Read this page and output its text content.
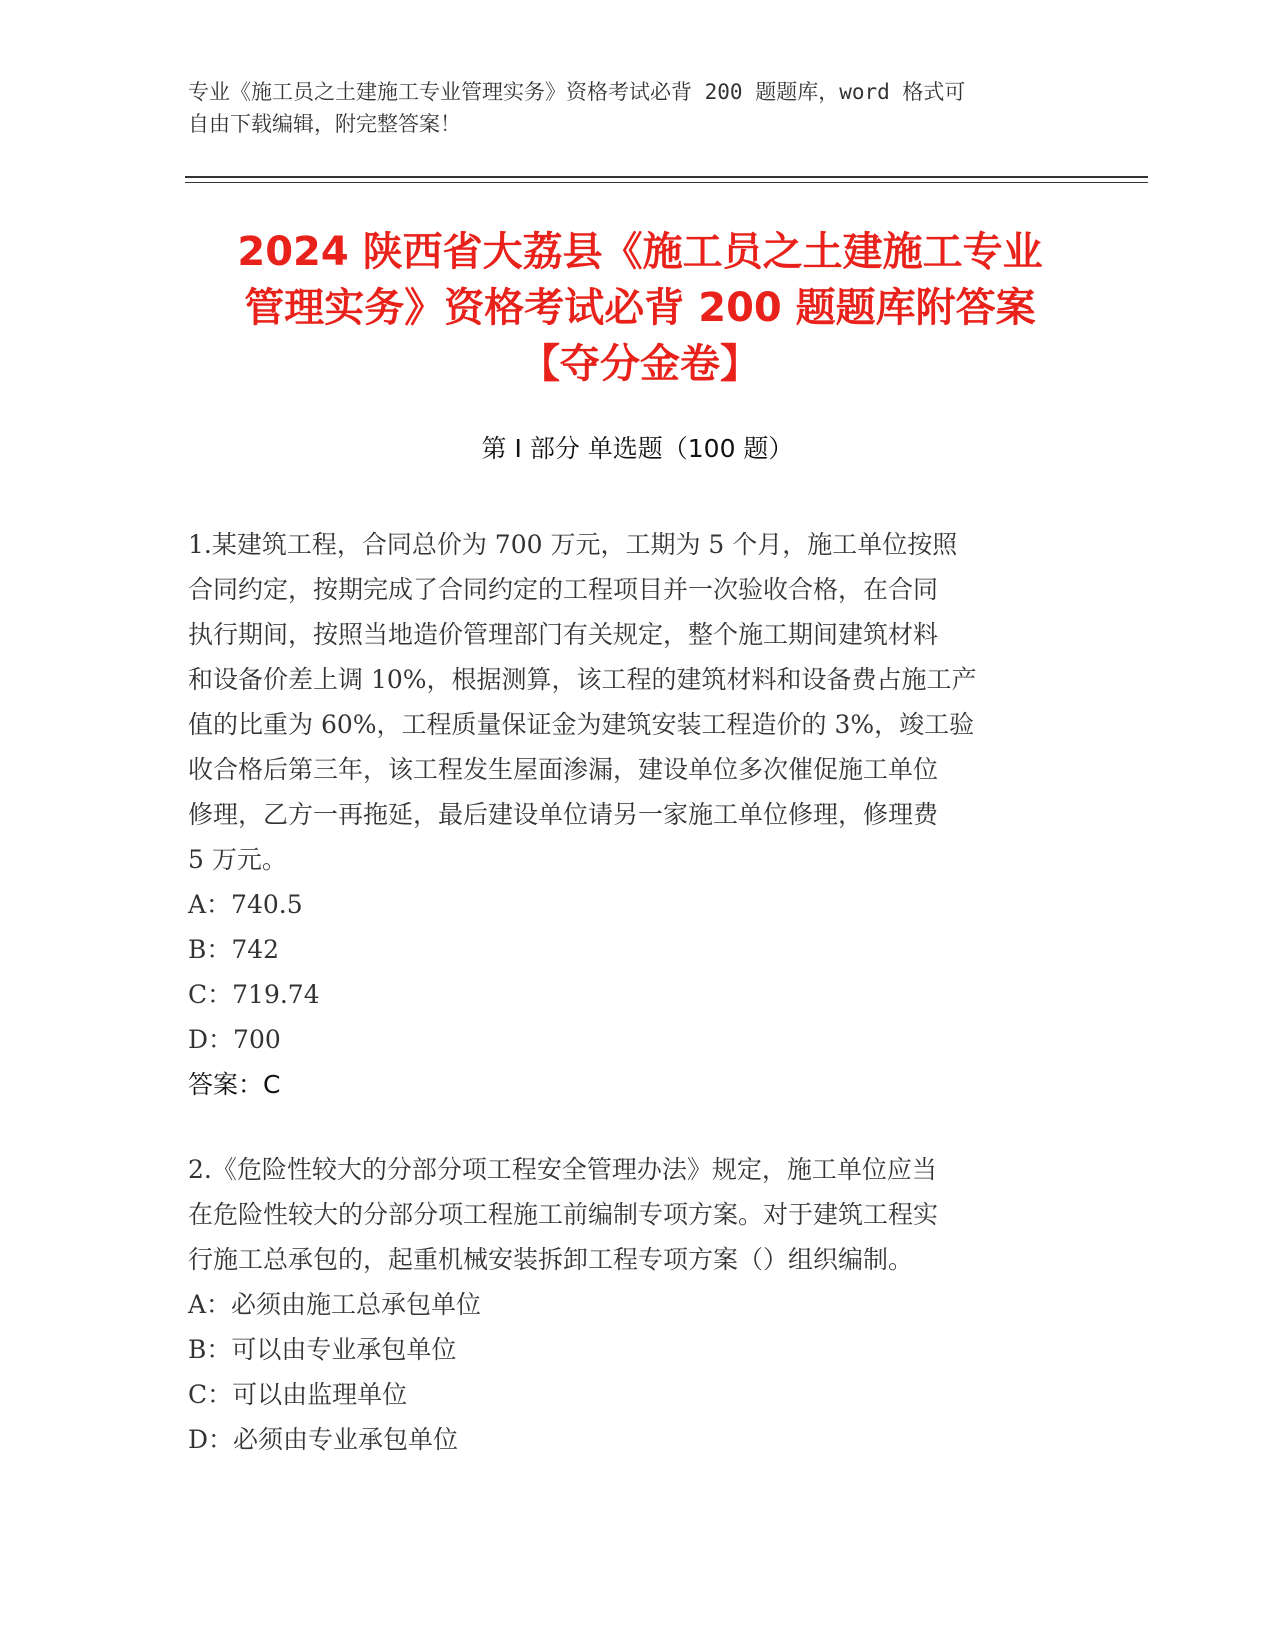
专业《施工员之土建施工专业管理实务》资格考试必背 200 题题库，word 格式可
自由下载编辑，附完整答案！
2024 陕西省大荔县《施工员之土建施工专业
管理实务》资格考试必背 200 题题库附答案
【夺分金卷】
第 I 部分 单选题（100 题）

1.某建筑工程，合同总价为 700 万元，工期为 5 个月，施工单位按照

合同约定，按期完成了合同约定的工程项目并一次验收合格，在合同

执行期间，按照当地造价管理部门有关规定，整个施工期间建筑材料

和设备价差上调 10%，根据测算，该工程的建筑材料和设备费占施工产

值的比重为 60%，工程质量保证金为建筑安装工程造价的 3%，竣工验

收合格后第三年，该工程发生屋面渗漏，建设单位多次催促施工单位

修理，乙方一再拖延，最后建设单位请另一家施工单位修理，修理费

5 万元。

A：740.5

B：742

C：719.74

D：700

答案：C

2.《危险性较大的分部分项工程安全管理办法》规定，施工单位应当

在危险性较大的分部分项工程施工前编制专项方案。对于建筑工程实

行施工总承包的，起重机械安装拆卸工程专项方案（）组织编制。

A：必须由施工总承包单位

B：可以由专业承包单位

C：可以由监理单位

D：必须由专业承包单位
